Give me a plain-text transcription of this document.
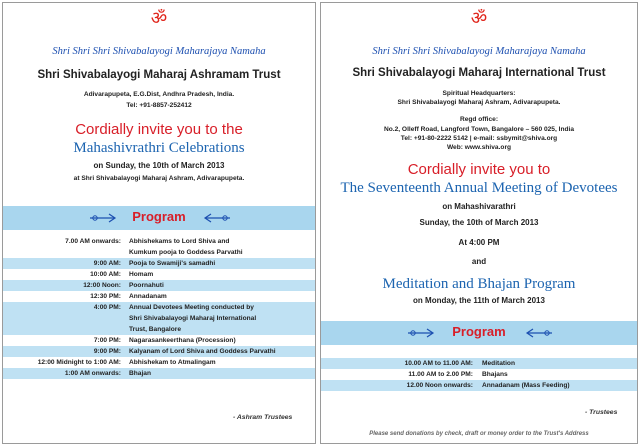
ॐ
Shri Shri Shri Shivabalayogi Maharajaya Namaha
Shri Shivabalayogi Maharaj Ashramam Trust
Adivarapupeta, E.G.Dist, Andhra Pradesh, India.
Tel: +91-8857-252412
Cordially invite you to the
Mahashivrathri Celebrations
on Sunday, the 10th of March 2013
at Shri Shivabalayogi Maharaj Ashram, Adivarapupeta.
Program
7.00 AM onwards: Abhishekams to Lord Shiva and
Kumkum pooja to Goddess Parvathi
9:00 AM: Pooja to Swamiji's samadhi
10:00 AM: Homam
12:00 Noon: Poornahuti
12:30 PM: Annadanam
4:00 PM: Annual Devotees Meeting conducted by
Shri Shivabalayogi Maharaj International
Trust, Bangalore
7:00 PM: Nagarasankeerthana (Procession)
9:00 PM: Kalyanam of Lord Shiva and Goddess Parvathi
12:00 Midnight to 1:00 AM: Abhishekam to Atmalingam
1:00 AM onwards: Bhajan
- Ashram Trustees
ॐ
Shri Shri Shri Shivabalayogi Maharajaya Namaha
Shri Shivabalayogi Maharaj International Trust
Spiritual Headquarters:
Shri Shivabalayogi Maharaj Ashram, Adivarapupeta.
Regd office:
No.2, Olleff Road, Langford Town, Bangalore – 560 025, India
Tel: +91-80-2222 5142 | e-mail: ssbymit@shiva.org
Web: www.shiva.org
Cordially invite you to
The Seventeenth Annual Meeting of Devotees
on Mahashivarathri
Sunday, the 10th of March 2013
At 4:00 PM
and
Meditation and Bhajan Program
on Monday, the 11th of March 2013
Program
10.00 AM to 11.00 AM: Meditation
11.00 AM to 2.00 PM: Bhajans
12.00 Noon onwards: Annadanam (Mass Feeding)
- Trustees
Please send donations by check, draft or money order to the Trust's Address
